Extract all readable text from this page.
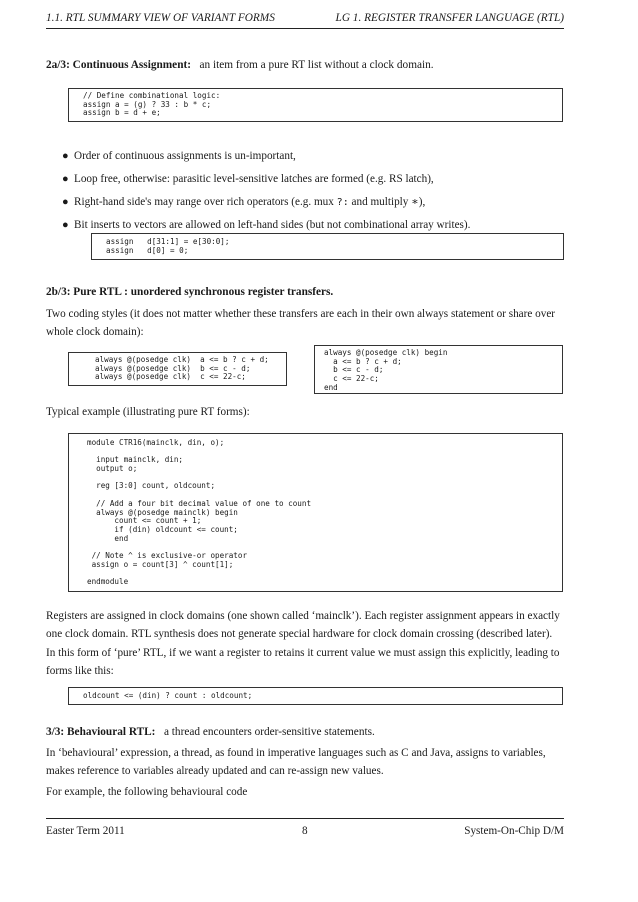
1.1. RTL SUMMARY VIEW OF VARIANT FORMS	LG 1. REGISTER TRANSFER LANGUAGE (RTL)
2a/3: Continuous Assignment: an item from a pure RT list without a clock domain.
// Define combinational logic:
assign a = (g) ? 33 : b * c;
assign b = d + e;
● Order of continuous assignments is un-important,
● Loop free, otherwise: parasitic level-sensitive latches are formed (e.g. RS latch),
● Right-hand side's may range over rich operators (e.g. mux ?: and multiply ∗),
● Bit inserts to vectors are allowed on left-hand sides (but not combinational array writes).
assign   d[31:1] = e[30:0];
assign   d[0] = 0;
2b/3: Pure RTL : unordered synchronous register transfers.
Two coding styles (it does not matter whether these transfers are each in their own always statement or share over whole clock domain):
always @(posedge clk)  a <= b ? c + d;
always @(posedge clk)  b <= c - d;
always @(posedge clk)  c <= 22-c;
always @(posedge clk) begin
a <= b ? c + d;
b <= c - d;
c <= 22-c;
end
Typical example (illustrating pure RT forms):
module CTR16(mainclk, din, o);
input mainclk, din;
output o;
reg [3:0] count, oldcount;
// Add a four bit decimal value of one to count
always @(posedge mainclk) begin
count <= count + 1;
if (din) oldcount <= count;
end
// Note ^ is exclusive-or operator
assign o = count[3] ^ count[1];
endmodule
Registers are assigned in clock domains (one shown called ‘mainclk’). Each register assignment appears in exactly one clock domain. RTL synthesis does not generate special hardware for clock domain crossing (described later).
In this form of ‘pure’ RTL, if we want a register to retains it current value we must assign this explicitly, leading to forms like this:
oldcount <= (din) ? count : oldcount;
3/3: Behavioural RTL: a thread encounters order-sensitive statements.
In ‘behavioural’ expression, a thread, as found in imperative languages such as C and Java, assigns to variables, makes reference to variables already updated and can re-assign new values.
For example, the following behavioural code
Easter Term 2011	8	System-On-Chip D/M
